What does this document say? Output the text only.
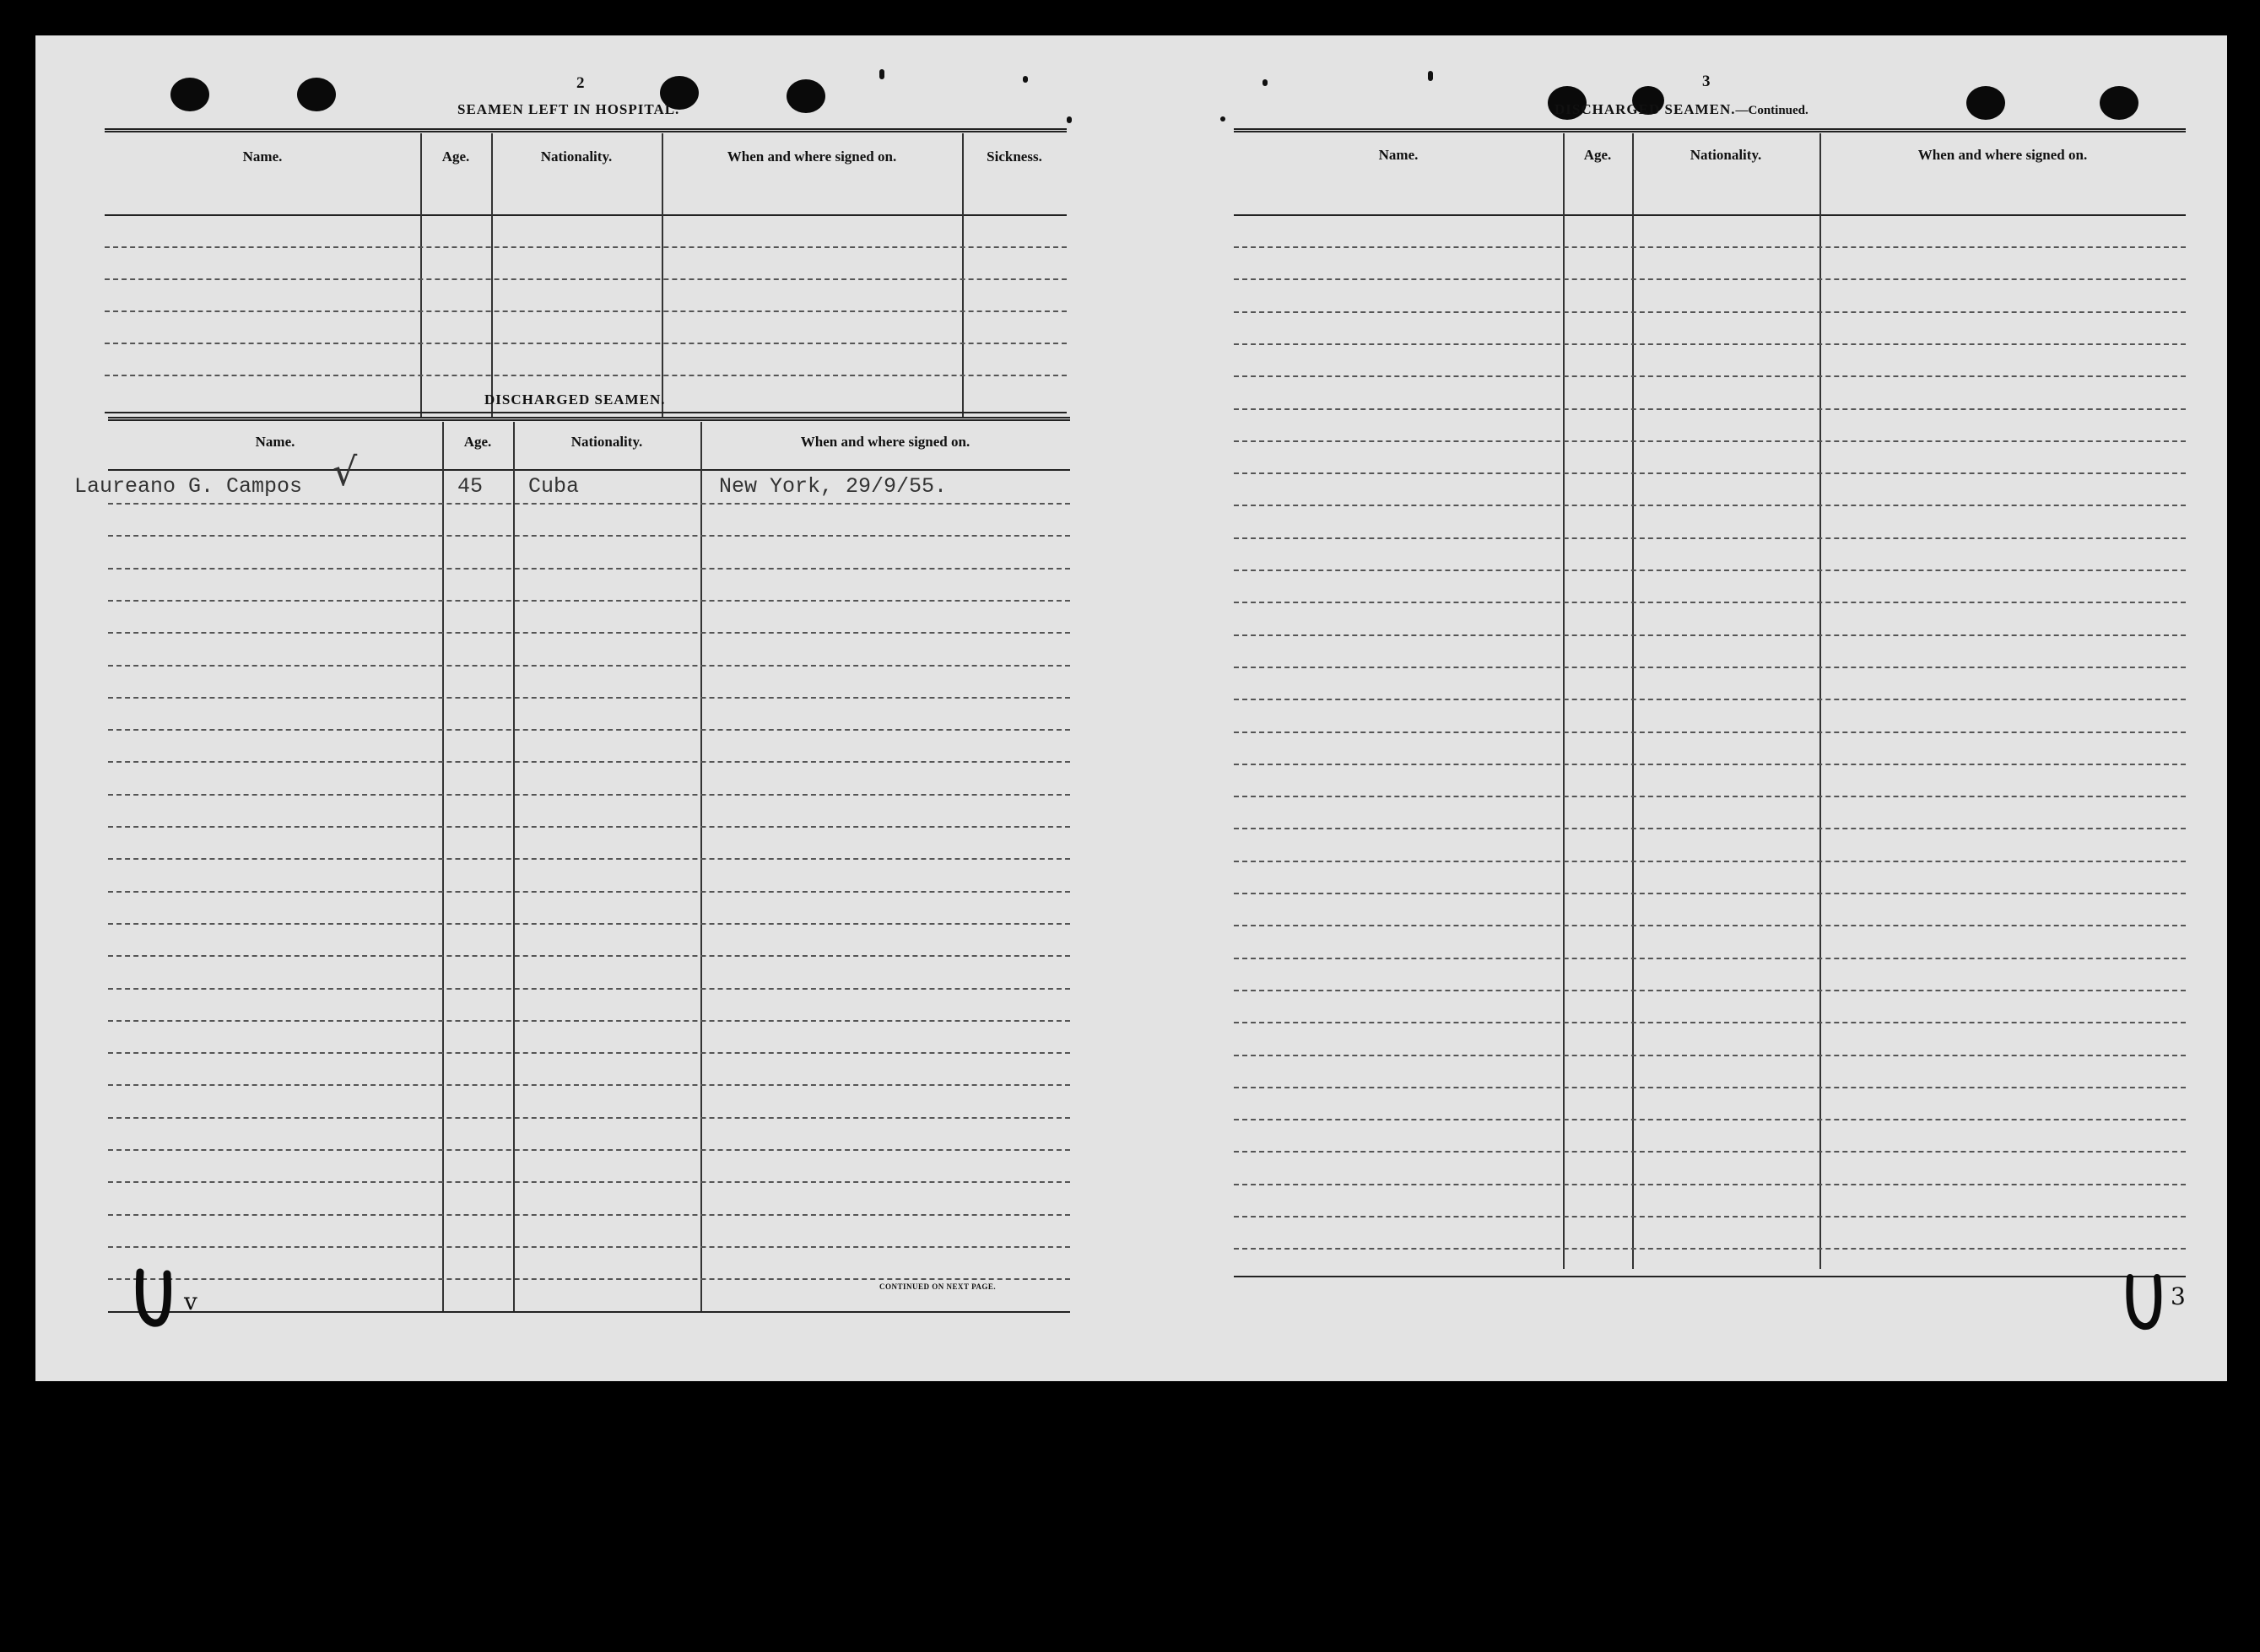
2
SEAMEN LEFT IN HOSPITAL.
Name.	Age.	Nationality.	When and where signed on.	Sickness.
DISCHARGED SEAMEN.
Name.	Age.	Nationality.	When and where signed on.
Laureano G. Campos √	45 Cuba	New York, 29/9/55.
CONTINUED ON NEXT PAGE.
v
3
DISCHARGED SEAMEN.—Continued.
Name.	Age.	Nationality.	When and where signed on.
3
